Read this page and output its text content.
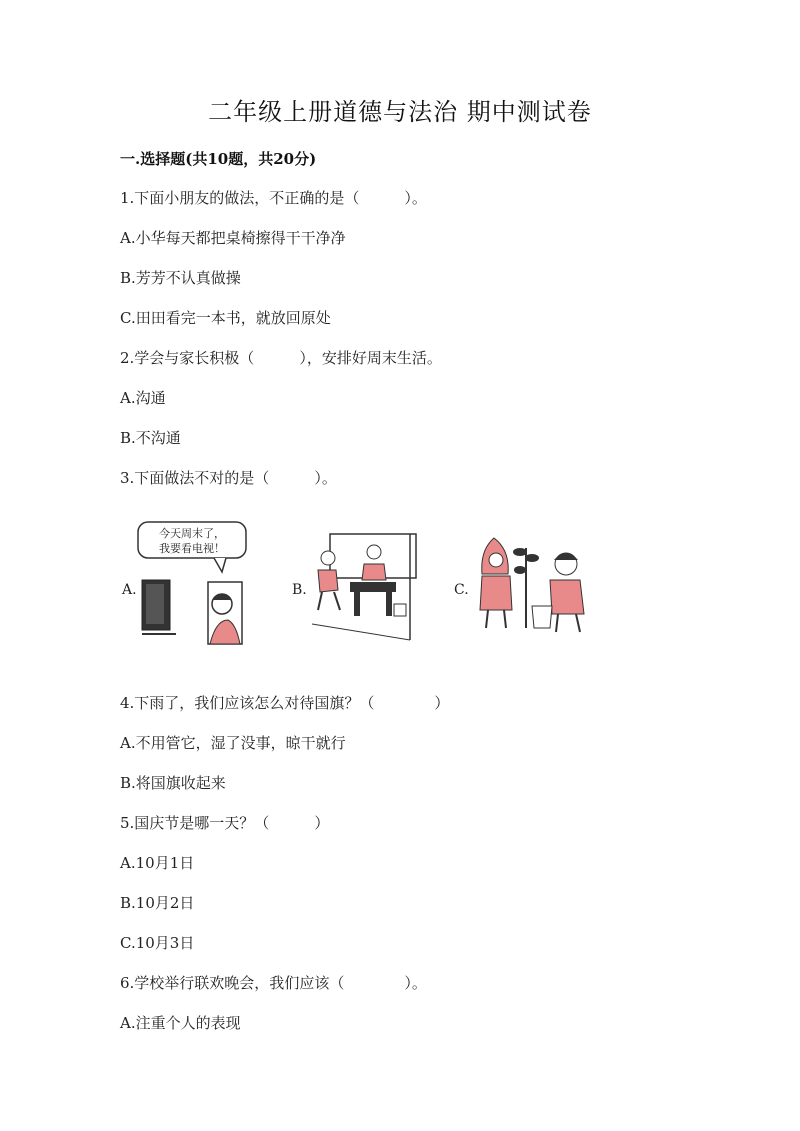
二年级上册道德与法治 期中测试卷
一.选择题(共10题，共20分)
1.下面小朋友的做法，不正确的是（　　　）。
A.小华每天都把桌椅擦得干干净净
B.芳芳不认真做操
C.田田看完一本书，就放回原处
2.学会与家长积极（　　　），安排好周末生活。
A.沟通
B.不沟通
3.下面做法不对的是（　　　）。
A.	B.	C.
今天周末了，
我要看电视！
4.下雨了，我们应该怎么对待国旗？（　　　　）
A.不用管它，湿了没事，晾干就行
B.将国旗收起来
5.国庆节是哪一天？（　　　）
A.10月1日
B.10月2日
C.10月3日
6.学校举行联欢晚会，我们应该（　　　　）。
A.注重个人的表现
